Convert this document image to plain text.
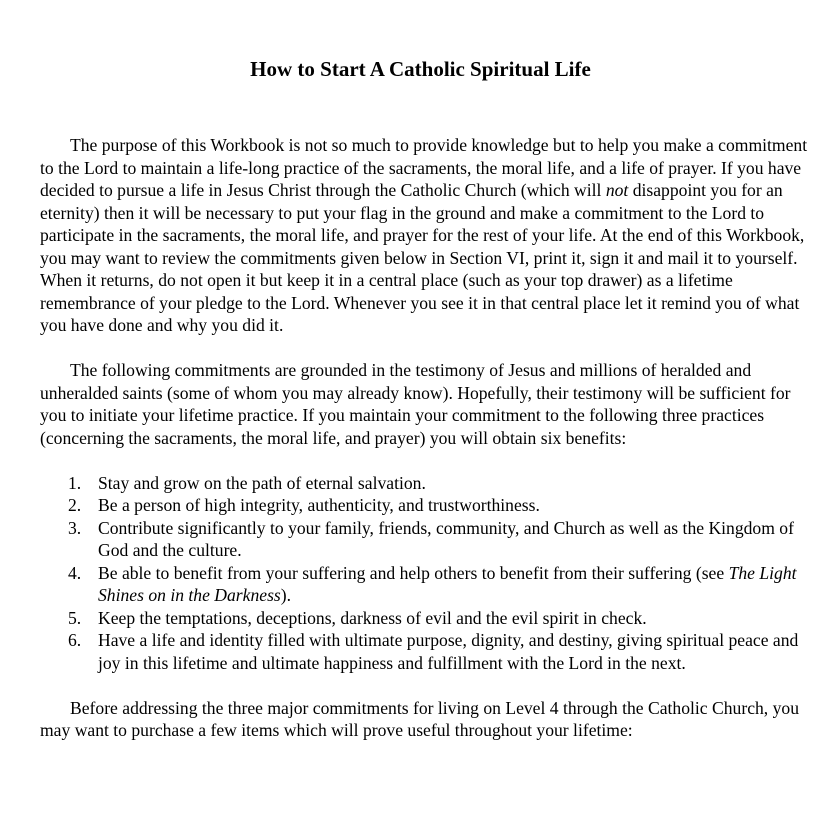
How to Start A Catholic Spiritual Life

The purpose of this Workbook is not so much to provide knowledge but to help you make a commitment to the Lord to maintain a life-long practice of the sacraments, the moral life, and a life of prayer. If you have decided to pursue a life in Jesus Christ through the Catholic Church (which will not disappoint you for an eternity) then it will be necessary to put your flag in the ground and make a commitment to the Lord to participate in the sacraments, the moral life, and prayer for the rest of your life. At the end of this Workbook, you may want to review the commitments given below in Section VI, print it, sign it and mail it to yourself. When it returns, do not open it but keep it in a central place (such as your top drawer) as a lifetime remembrance of your pledge to the Lord. Whenever you see it in that central place let it remind you of what you have done and why you did it.

The following commitments are grounded in the testimony of Jesus and millions of heralded and unheralded saints (some of whom you may already know). Hopefully, their testimony will be sufficient for you to initiate your lifetime practice. If you maintain your commitment to the following three practices (concerning the sacraments, the moral life, and prayer) you will obtain six benefits:

1. Stay and grow on the path of eternal salvation.
2. Be a person of high integrity, authenticity, and trustworthiness.
3. Contribute significantly to your family, friends, community, and Church as well as the Kingdom of God and the culture.
4. Be able to benefit from your suffering and help others to benefit from their suffering (see The Light Shines on in the Darkness).
5. Keep the temptations, deceptions, darkness of evil and the evil spirit in check.
6. Have a life and identity filled with ultimate purpose, dignity, and destiny, giving spiritual peace and joy in this lifetime and ultimate happiness and fulfillment with the Lord in the next.

Before addressing the three major commitments for living on Level 4 through the Catholic Church, you may want to purchase a few items which will prove useful throughout your lifetime:
